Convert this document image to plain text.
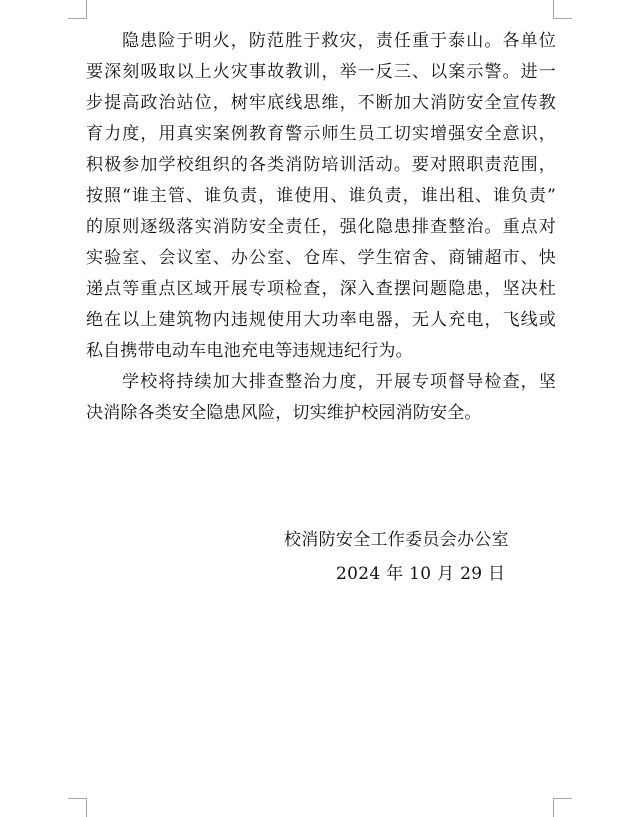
隐患险于明火，防范胜于救灾，责任重于泰山。各单位
要深刻吸取以上火灾事故教训，举一反三、以案示警。进一
步提高政治站位，树牢底线思维，不断加大消防安全宣传教
育力度，用真实案例教育警示师生员工切实增强安全意识，
积极参加学校组织的各类消防培训活动。要对照职责范围，
按照“谁主管、谁负责，谁使用、谁负责，谁出租、谁负责”
的原则逐级落实消防安全责任，强化隐患排查整治。重点对
实验室、会议室、办公室、仓库、学生宿舍、商铺超市、快
递点等重点区域开展专项检查，深入查摆问题隐患，坚决杜
绝在以上建筑物内违规使用大功率电器，无人充电，飞线或
私自携带电动车电池充电等违规违纪行为。
学校将持续加大排查整治力度，开展专项督导检查，坚
决消除各类安全隐患风险，切实维护校园消防安全。
校消防安全工作委员会办公室
2024 年 10 月 29 日
